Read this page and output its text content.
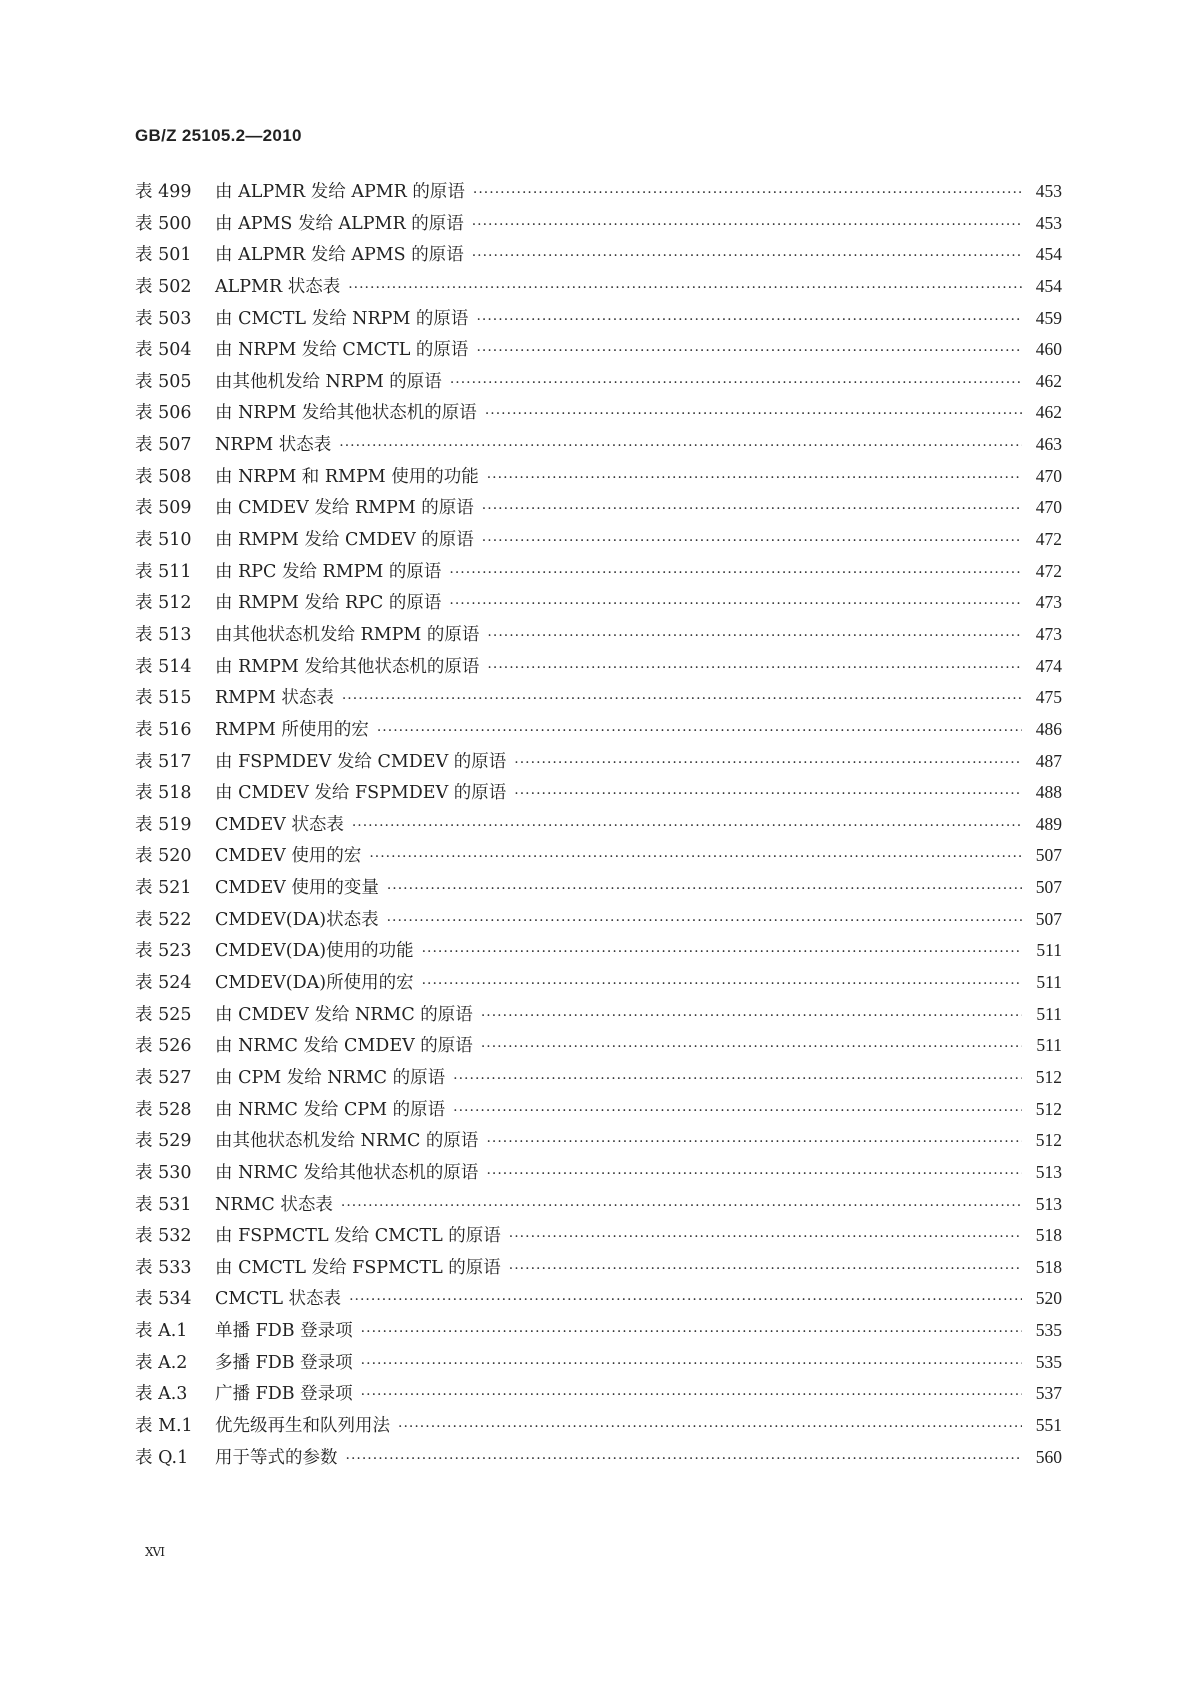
GB/Z 25105.2—2010
表 499	由 ALPMR 发给 APMR 的原语 ·····	453
表 500	由 APMS 发给 ALPMR 的原语 ·····	453
表 501	由 ALPMR 发给 APMS 的原语 ·····	454
表 502	ALPMR 状态表 ·····	454
表 503	由 CMCTL 发给 NRPM 的原语 ·····	459
表 504	由 NRPM 发给 CMCTL 的原语 ·····	460
表 505	由其他机发给 NRPM 的原语 ·····	462
表 506	由 NRPM 发给其他状态机的原语 ·····	462
表 507	NRPM 状态表 ·····	463
表 508	由 NRPM 和 RMPM 使用的功能 ·····	470
表 509	由 CMDEV 发给 RMPM 的原语 ·····	470
表 510	由 RMPM 发给 CMDEV 的原语 ·····	472
表 511	由 RPC 发给 RMPM 的原语 ·····	472
表 512	由 RMPM 发给 RPC 的原语 ·····	473
表 513	由其他状态机发给 RMPM 的原语 ·····	473
表 514	由 RMPM 发给其他状态机的原语 ·····	474
表 515	RMPM 状态表 ·····	475
表 516	RMPM 所使用的宏 ·····	486
表 517	由 FSPMDEV 发给 CMDEV 的原语 ·····	487
表 518	由 CMDEV 发给 FSPMDEV 的原语 ·····	488
表 519	CMDEV 状态表 ·····	489
表 520	CMDEV 使用的宏 ·····	507
表 521	CMDEV 使用的变量 ·····	507
表 522	CMDEV(DA)状态表 ·····	507
表 523	CMDEV(DA)使用的功能 ·····	511
表 524	CMDEV(DA)所使用的宏 ·····	511
表 525	由 CMDEV 发给 NRMC 的原语 ·····	511
表 526	由 NRMC 发给 CMDEV 的原语 ·····	511
表 527	由 CPM 发给 NRMC 的原语 ·····	512
表 528	由 NRMC 发给 CPM 的原语 ·····	512
表 529	由其他状态机发给 NRMC 的原语 ·····	512
表 530	由 NRMC 发给其他状态机的原语 ·····	513
表 531	NRMC 状态表 ·····	513
表 532	由 FSPMCTL 发给 CMCTL 的原语 ·····	518
表 533	由 CMCTL 发给 FSPMCTL 的原语 ·····	518
表 534	CMCTL 状态表 ·····	520
表 A.1	单播 FDB 登录项 ·····	535
表 A.2	多播 FDB 登录项 ·····	535
表 A.3	广播 FDB 登录项 ·····	537
表 M.1	优先级再生和队列用法 ·····	551
表 Q.1	用于等式的参数 ·····	560
XVI
